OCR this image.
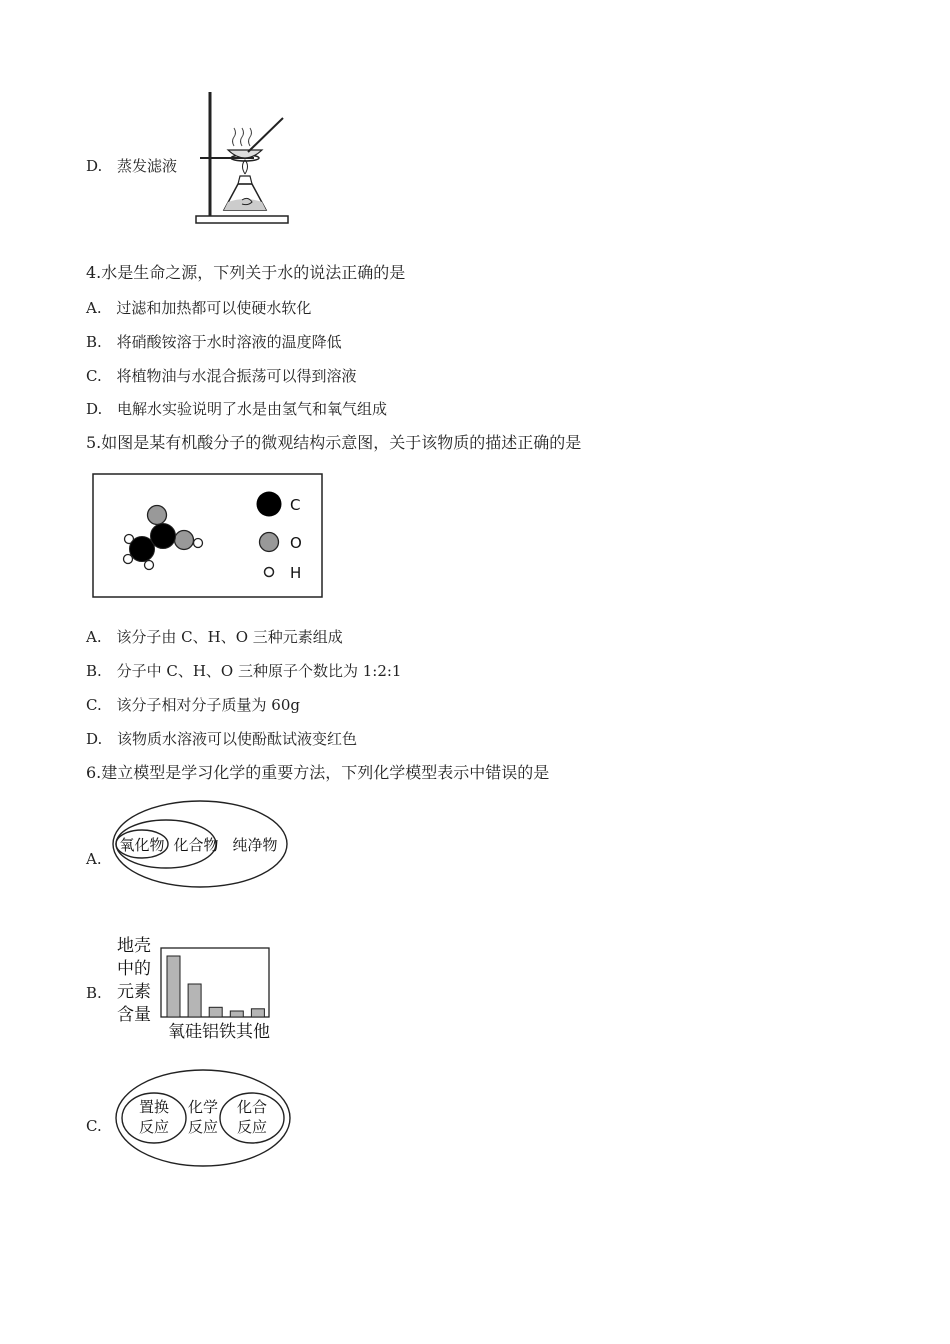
D. 蒸发滤液
4.水是生命之源，下列关于水的说法正确的是
A. 过滤和加热都可以使硬水软化
B. 将硝酸铵溶于水时溶液的温度降低
C. 将植物油与水混合振荡可以得到溶液
D. 电解水实验说明了水是由氢气和氧气组成
5.如图是某有机酸分子的微观结构示意图，关于该物质的描述正确的是
C
O
H
A. 该分子由 C、H、O 三种元素组成
B. 分子中 C、H、O 三种原子个数比为 1:2:1
C. 该分子相对分子质量为 60g
D. 该物质水溶液可以使酚酞试液变红色
6.建立模型是学习化学的重要方法，下列化学模型表示中错误的是
A.
氧化物 化合物 纯净物
B.
地壳
中的
元素
含量
氧硅铝铁其他
C.
置换
反应
化学
反应
化合
反应
